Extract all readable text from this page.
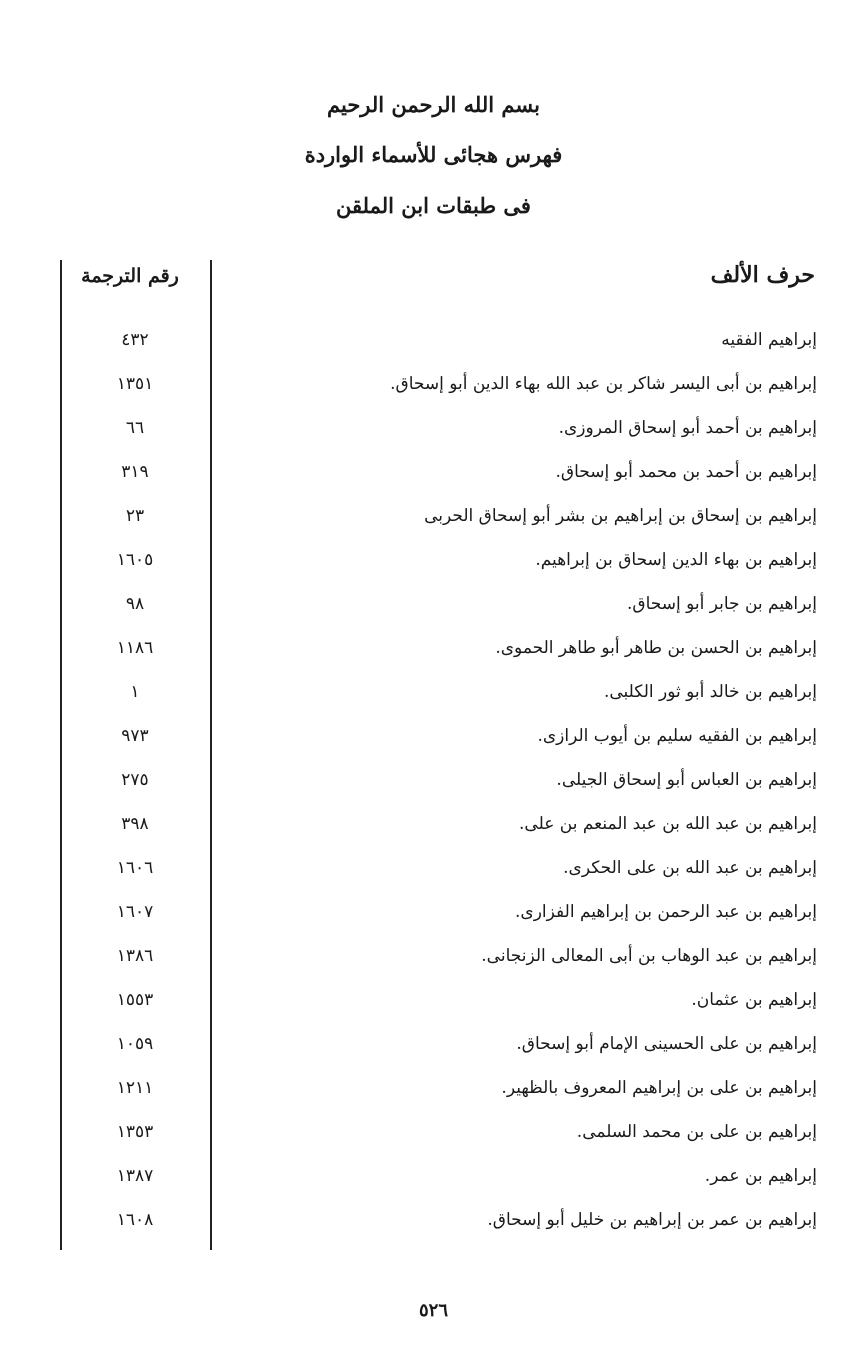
بسم الله الرحمن الرحيم
فهرس هجائى للأسماء الواردة
فى طبقات ابن الملقن
حرف الألف
رقم الترجمة
إبراهيم الفقيه
٤٣٢
إبراهيم بن أبى اليسر شاكر بن عبد الله بهاء الدين أبو إسحاق.
١٣٥١
إبراهيم بن أحمد أبو إسحاق المروزى.
٦٦
إبراهيم بن أحمد بن محمد أبو إسحاق.
٣١٩
إبراهيم بن إسحاق بن إبراهيم بن بشر أبو إسحاق الحربى
٢٣
إبراهيم بن بهاء الدين إسحاق بن إبراهيم.
١٦٠٥
إبراهيم بن جابر أبو إسحاق.
٩٨
إبراهيم بن الحسن بن طاهر أبو طاهر الحموى.
١١٨٦
إبراهيم بن خالد أبو ثور الكلبى.
١
إبراهيم بن الفقيه سليم بن أيوب الرازى.
٩٧٣
إبراهيم بن العباس أبو إسحاق الجيلى.
٢٧٥
إبراهيم بن عبد الله بن عبد المنعم بن على.
٣٩٨
إبراهيم بن عبد الله بن على الحكرى.
١٦٠٦
إبراهيم بن عبد الرحمن بن إبراهيم الفزارى.
١٦٠٧
إبراهيم بن عبد الوهاب بن أبى المعالى الزنجانى.
١٣٨٦
إبراهيم بن عثمان.
١٥٥٣
إبراهيم بن على الحسينى الإمام أبو إسحاق.
١٠٥٩
إبراهيم بن على بن إبراهيم المعروف بالظهير.
١٢١١
إبراهيم بن على بن محمد السلمى.
١٣٥٣
إبراهيم بن عمر.
١٣٨٧
إبراهيم بن عمر بن إبراهيم بن خليل أبو إسحاق.
١٦٠٨
٥٢٦
